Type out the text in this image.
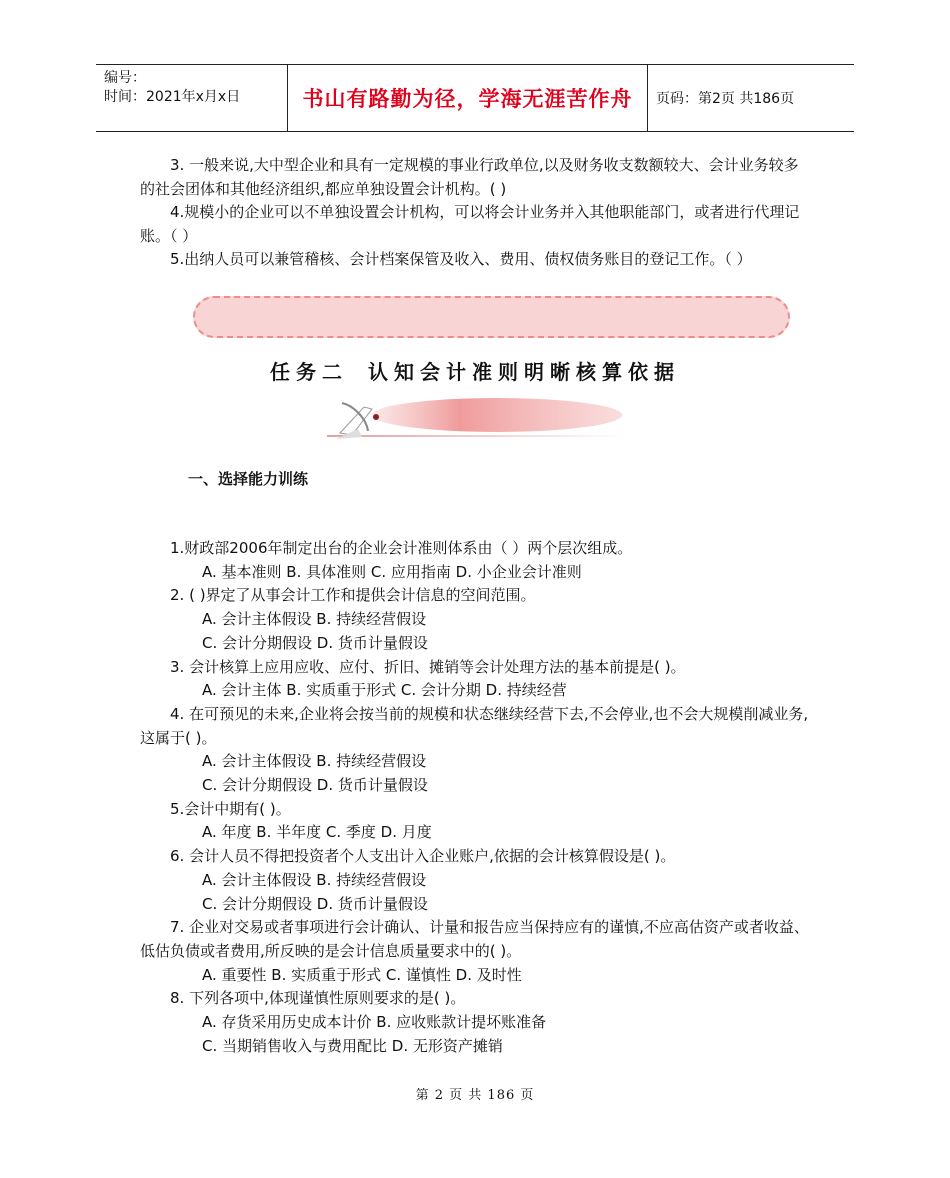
编号：
时间：2021年x月x日	书山有路勤为径，学海无涯苦作舟	页码：第2页 共186页

3. 一般来说,大中型企业和具有一定规模的事业行政单位,以及财务收支数额较大、会计业务较多的社会团体和其他经济组织,都应单独设置会计机构。( )

4.规模小的企业可以不单独设置会计机构，可以将会计业务并入其他职能部门，或者进行代理记账。（ ）

5.出纳人员可以兼管稽核、会计档案保管及收入、费用、债权债务账目的登记工作。（ ）

任务二 认知会计准则明晰核算依据
一、选择能力训练

1.财政部2006年制定出台的企业会计准则体系由（ ）两个层次组成。

A. 基本准则 B. 具体准则 C. 应用指南 D. 小企业会计准则

2. ( )界定了从事会计工作和提供会计信息的空间范围。

A. 会计主体假设 B. 持续经营假设

C. 会计分期假设 D. 货币计量假设

3. 会计核算上应用应收、应付、折旧、摊销等会计处理方法的基本前提是( )。

A. 会计主体 B. 实质重于形式 C. 会计分期 D. 持续经营

4. 在可预见的未来,企业将会按当前的规模和状态继续经营下去,不会停业,也不会大规模削减业务,这属于( )。

A. 会计主体假设 B. 持续经营假设

C. 会计分期假设 D. 货币计量假设

5.会计中期有( )。

A. 年度 B. 半年度 C. 季度 D. 月度

6. 会计人员不得把投资者个人支出计入企业账户,依据的会计核算假设是( )。

A. 会计主体假设 B. 持续经营假设

C. 会计分期假设 D. 货币计量假设

7. 企业对交易或者事项进行会计确认、计量和报告应当保持应有的谨慎,不应高估资产或者收益、低估负债或者费用,所反映的是会计信息质量要求中的( )。

A. 重要性 B. 实质重于形式 C. 谨慎性 D. 及时性

8. 下列各项中,体现谨慎性原则要求的是( )。

A. 存货采用历史成本计价 B. 应收账款计提坏账准备

C. 当期销售收入与费用配比 D. 无形资产摊销

第 2 页 共 186 页
